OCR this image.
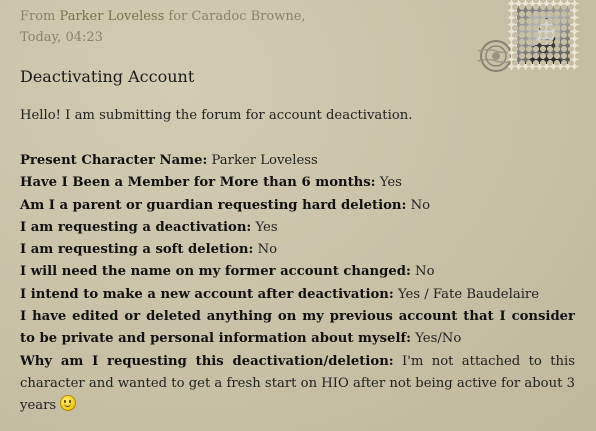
From Parker Loveless for Caradoc Browne,
Today, 04:23
Deactivating Account
Hello! I am submitting the forum for account deactivation.
Present Character Name: Parker Loveless
Have I Been a Member for More than 6 months: Yes
Am I a parent or guardian requesting hard deletion: No
I am requesting a deactivation: Yes
I am requesting a soft deletion: No
I will need the name on my former account changed: No
I intend to make a new account after deactivation: Yes / Fate Baudelaire
I have edited or deleted anything on my previous account that I consider to be private and personal information about myself: Yes/No
Why am I requesting this deactivation/deletion: I'm not attached to this character and wanted to get a fresh start on HIO after not being active for about 3 years
